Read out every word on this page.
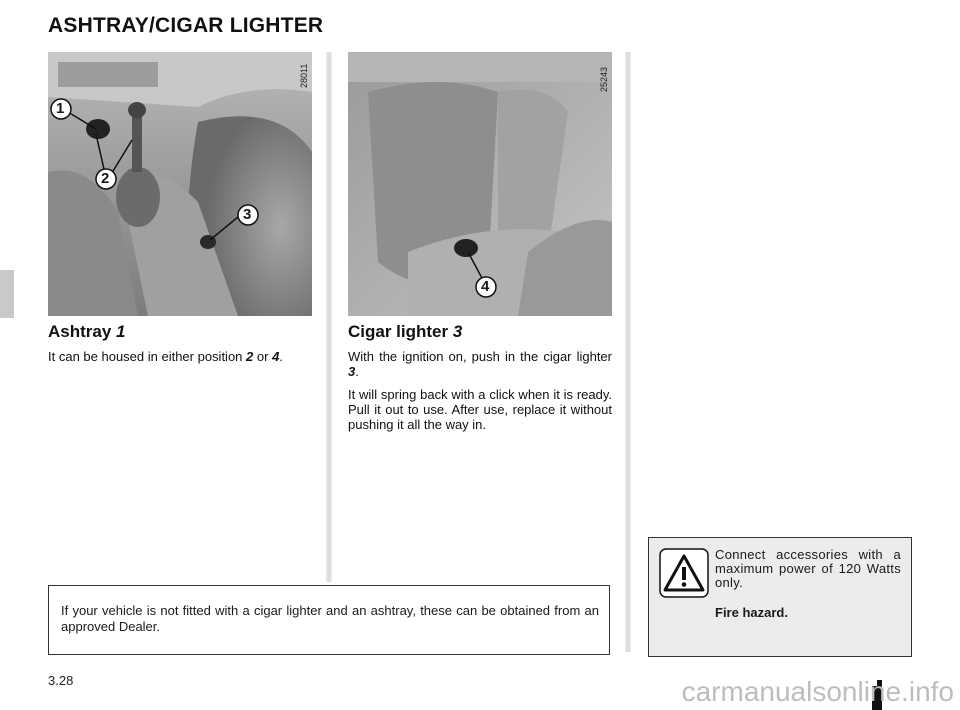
ASHTRAY/CIGAR LIGHTER
1
2
3
28011
4
25243
Ashtray 1

It can be housed in either position 2 or 4.

Cigar lighter 3

With the ignition on, push in the cigar lighter 3.

It will spring back with a click when it is ready. Pull it out to use. After use, replace it without pushing it all the way in.

If your vehicle is not fitted with a cigar lighter and an ashtray, these can be obtained from an approved Dealer.

Connect accessories with a maximum power of 120 Watts only.
Fire hazard.
3.28	carmanualsonline.info
